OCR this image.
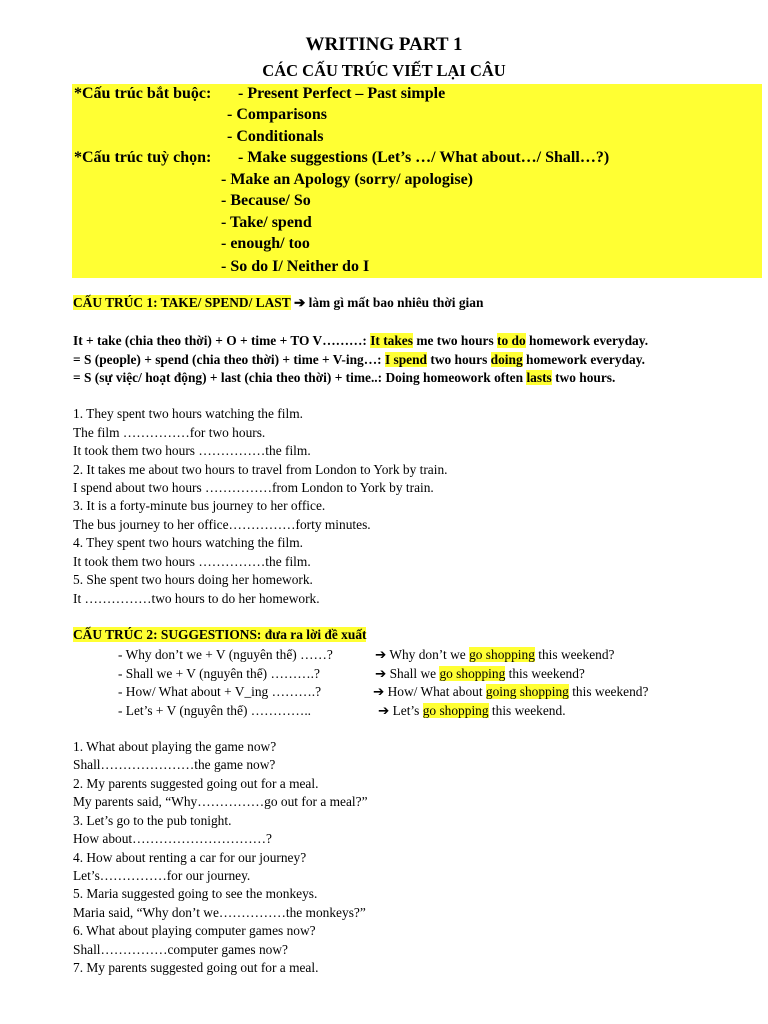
WRITING PART 1
CÁC CẤU TRÚC VIẾT LẠI CÂU
*Cấu trúc bắt buộc: - Present Perfect – Past simple
- Comparisons
- Conditionals
*Cấu trúc tuỳ chọn: - Make suggestions (Let’s …/ What about…/ Shall…?)
- Make an Apology (sorry/ apologise)
- Because/ So
- Take/ spend
- enough/ too
- So do I/ Neither do I
CẤU TRÚC 1: TAKE/ SPEND/ LAST ➔ làm gì mất bao nhiêu thời gian
It + take (chia theo thời) + O + time + TO V………: It takes me two hours to do homework everyday.
= S (people) + spend (chia theo thời) + time + V-ing…: I spend two hours doing homework everyday.
= S (sự việc/ hoạt động) + last (chia theo thời) + time..: Doing homeowork often lasts two hours.
1. They spent two hours watching the film.
The film ……………for two hours.
It took them two hours ……………the film.
2. It takes me about two hours to travel from London to York by train.
I spend about two hours ……………from London to York by train.
3. It is a forty-minute bus journey to her office.
The bus journey to her office……………forty minutes.
4. They spent two hours watching the film.
It took them two hours ……………the film.
5. She spent two hours doing her homework.
It ……………two hours to do her homework.
CẤU TRÚC 2: SUGGESTIONS: đưa ra lời đề xuất
- Why don’t we + V (nguyên thể) ……?	➔ Why don’t we go shopping this weekend?
- Shall we + V (nguyên thể) ……….?	➔ Shall we go shopping this weekend?
- How/ What about + V_ing ……….?	➔ How/ What about going shopping this weekend?
- Let’s + V (nguyên thể) …………..	➔ Let’s go shopping this weekend.
1. What about playing the game now?
Shall…………………the game now?
2. My parents suggested going out for a meal.
My parents said, “Why……………go out for a meal?”
3. Let’s go to the pub tonight.
How about…………………………?
4. How about renting a car for our journey?
Let’s……………for our journey.
5. Maria suggested going to see the monkeys.
Maria said, “Why don’t we……………the monkeys?”
6. What about playing computer games now?
Shall……………computer games now?
7. My parents suggested going out for a meal.
